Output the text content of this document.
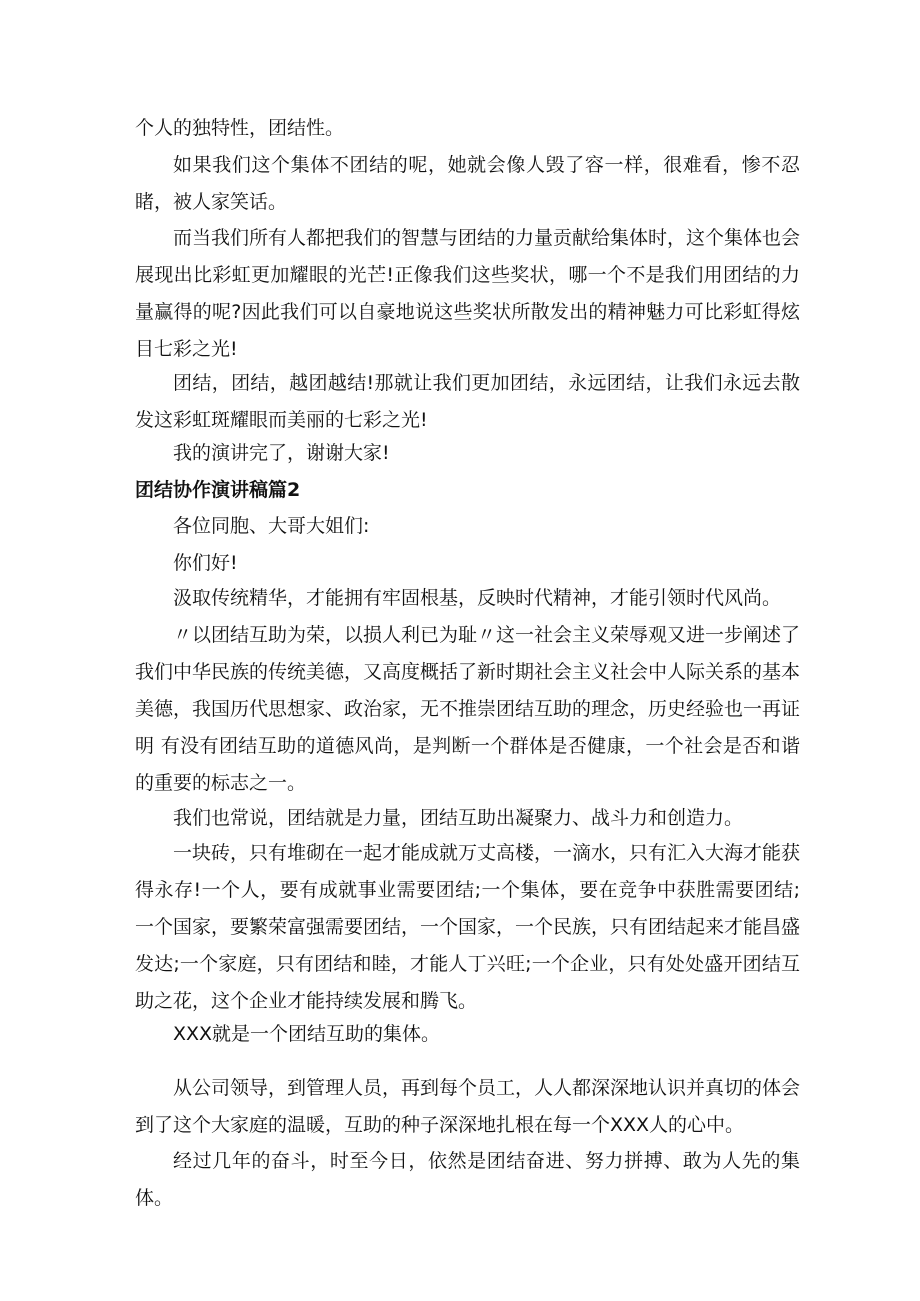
个人的独特性，团结性。

如果我们这个集体不团结的呢，她就会像人毁了容一样，很难看，惨不忍睹，被人家笑话。

而当我们所有人都把我们的智慧与团结的力量贡献给集体时，这个集体也会展现出比彩虹更加耀眼的光芒!正像我们这些奖状，哪一个不是我们用团结的力量赢得的呢?因此我们可以自豪地说这些奖状所散发出的精神魅力可比彩虹得炫目七彩之光!

团结，团结，越团越结!那就让我们更加团结，永远团结，让我们永远去散发这彩虹斑耀眼而美丽的七彩之光!

我的演讲完了，谢谢大家!

团结协作演讲稿篇2

各位同胞、大哥大姐们:

你们好!

汲取传统精华，才能拥有牢固根基，反映时代精神，才能引领时代风尚。

〃以团结互助为荣，以损人利已为耻〃这一社会主义荣辱观又进一步阐述了我们中华民族的传统美德，又高度概括了新时期社会主义社会中人际关系的基本美德，我国历代思想家、政治家，无不推崇团结互助的理念，历史经验也一再证明 有没有团结互助的道德风尚，是判断一个群体是否健康，一个社会是否和谐的重要的标志之一。

我们也常说，团结就是力量，团结互助出凝聚力、战斗力和创造力。

一块砖，只有堆砌在一起才能成就万丈高楼，一滴水，只有汇入大海才能获得永存!一个人，要有成就事业需要团结;一个集体，要在竞争中获胜需要团结;一个国家，要繁荣富强需要团结，一个国家，一个民族，只有团结起来才能昌盛发达;一个家庭，只有团结和睦，才能人丁兴旺;一个企业，只有处处盛开团结互助之花，这个企业才能持续发展和腾飞。

XXX就是一个团结互助的集体。

从公司领导，到管理人员，再到每个员工，人人都深深地认识并真切的体会到了这个大家庭的温暖，互助的种子深深地扎根在每一个XXX人的心中。

经过几年的奋斗，时至今日，依然是团结奋进、努力拼搏、敢为人先的集体。
